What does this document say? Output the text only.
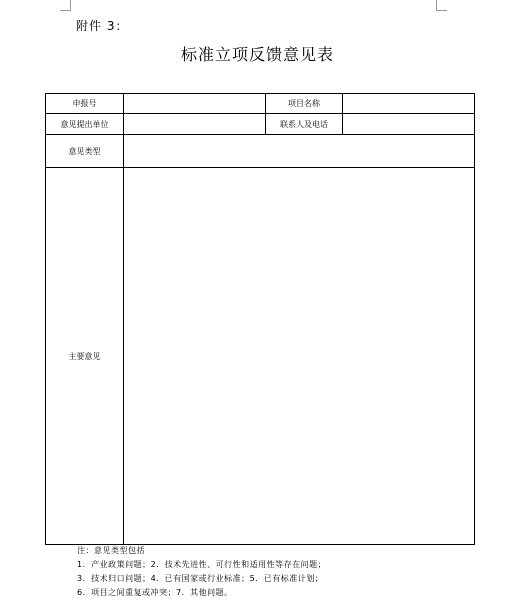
附件 3：
标准立项反馈意见表
申报号		项目名称	
意见提出单位		联系人及电话	
意见类型			
主要意见			
注：意见类型包括
1．产业政策问题；2．技术先进性、可行性和适用性等存在问题；
3．技术归口问题；4．已有国家或行业标准；5．已有标准计划；
6．项目之间重复或冲突；7．其他问题。
